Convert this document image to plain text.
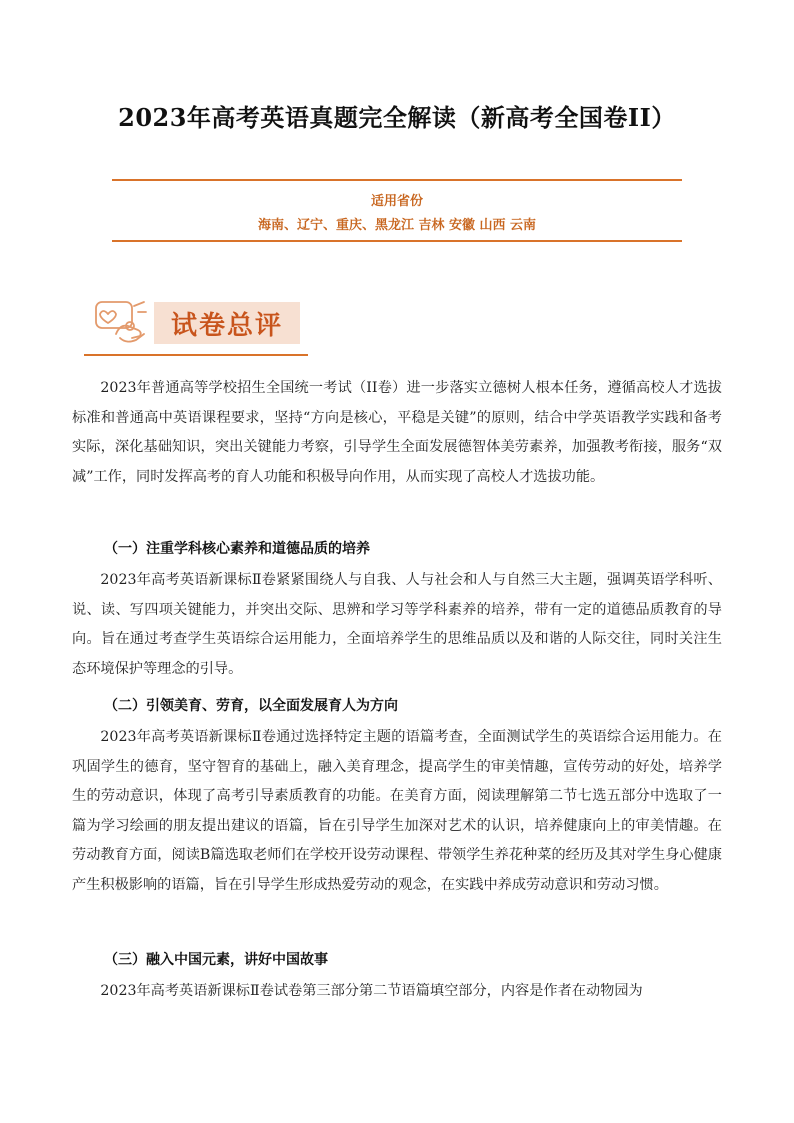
2023年高考英语真题完全解读（新高考全国卷II）
适用省份
海南、辽宁、重庆、黑龙江 吉林 安徽 山西 云南
试卷总评
2023年普通高等学校招生全国统一考试（II卷）进一步落实立德树人根本任务，遵循高校人才选拔标准和普通高中英语课程要求，坚持“方向是核心，平稳是关键”的原则，结合中学英语教学实践和备考实际，深化基础知识，突出关键能力考察，引导学生全面发展德智体美劳素养，加强教考衔接，服务“双减”工作，同时发挥高考的育人功能和积极导向作用，从而实现了高校人才选拔功能。
（一）注重学科核心素养和道德品质的培养
2023年高考英语新课标Ⅱ卷紧紧围绕人与自我、人与社会和人与自然三大主题，强调英语学科听、说、读、写四项关键能力，并突出交际、思辨和学习等学科素养的培养，带有一定的道德品质教育的导向。旨在通过考查学生英语综合运用能力，全面培养学生的思维品质以及和谐的人际交往，同时关注生态环境保护等理念的引导。
（二）引领美育、劳育，以全面发展育人为方向
2023年高考英语新课标Ⅱ卷通过选择特定主题的语篇考查，全面测试学生的英语综合运用能力。在巩固学生的德育，坚守智育的基础上，融入美育理念，提高学生的审美情趣，宣传劳动的好处，培养学生的劳动意识，体现了高考引导素质教育的功能。在美育方面，阅读理解第二节七选五部分中选取了一篇为学习绘画的朋友提出建议的语篇，旨在引导学生加深对艺术的认识，培养健康向上的审美情趣。在劳动教育方面，阅读B篇选取老师们在学校开设劳动课程、带领学生养花种菜的经历及其对学生身心健康产生积极影响的语篇，旨在引导学生形成热爱劳动的观念，在实践中养成劳动意识和劳动习惯。
（三）融入中国元素，讲好中国故事
2023年高考英语新课标Ⅱ卷试卷第三部分第二节语篇填空部分，内容是作者在动物园为
